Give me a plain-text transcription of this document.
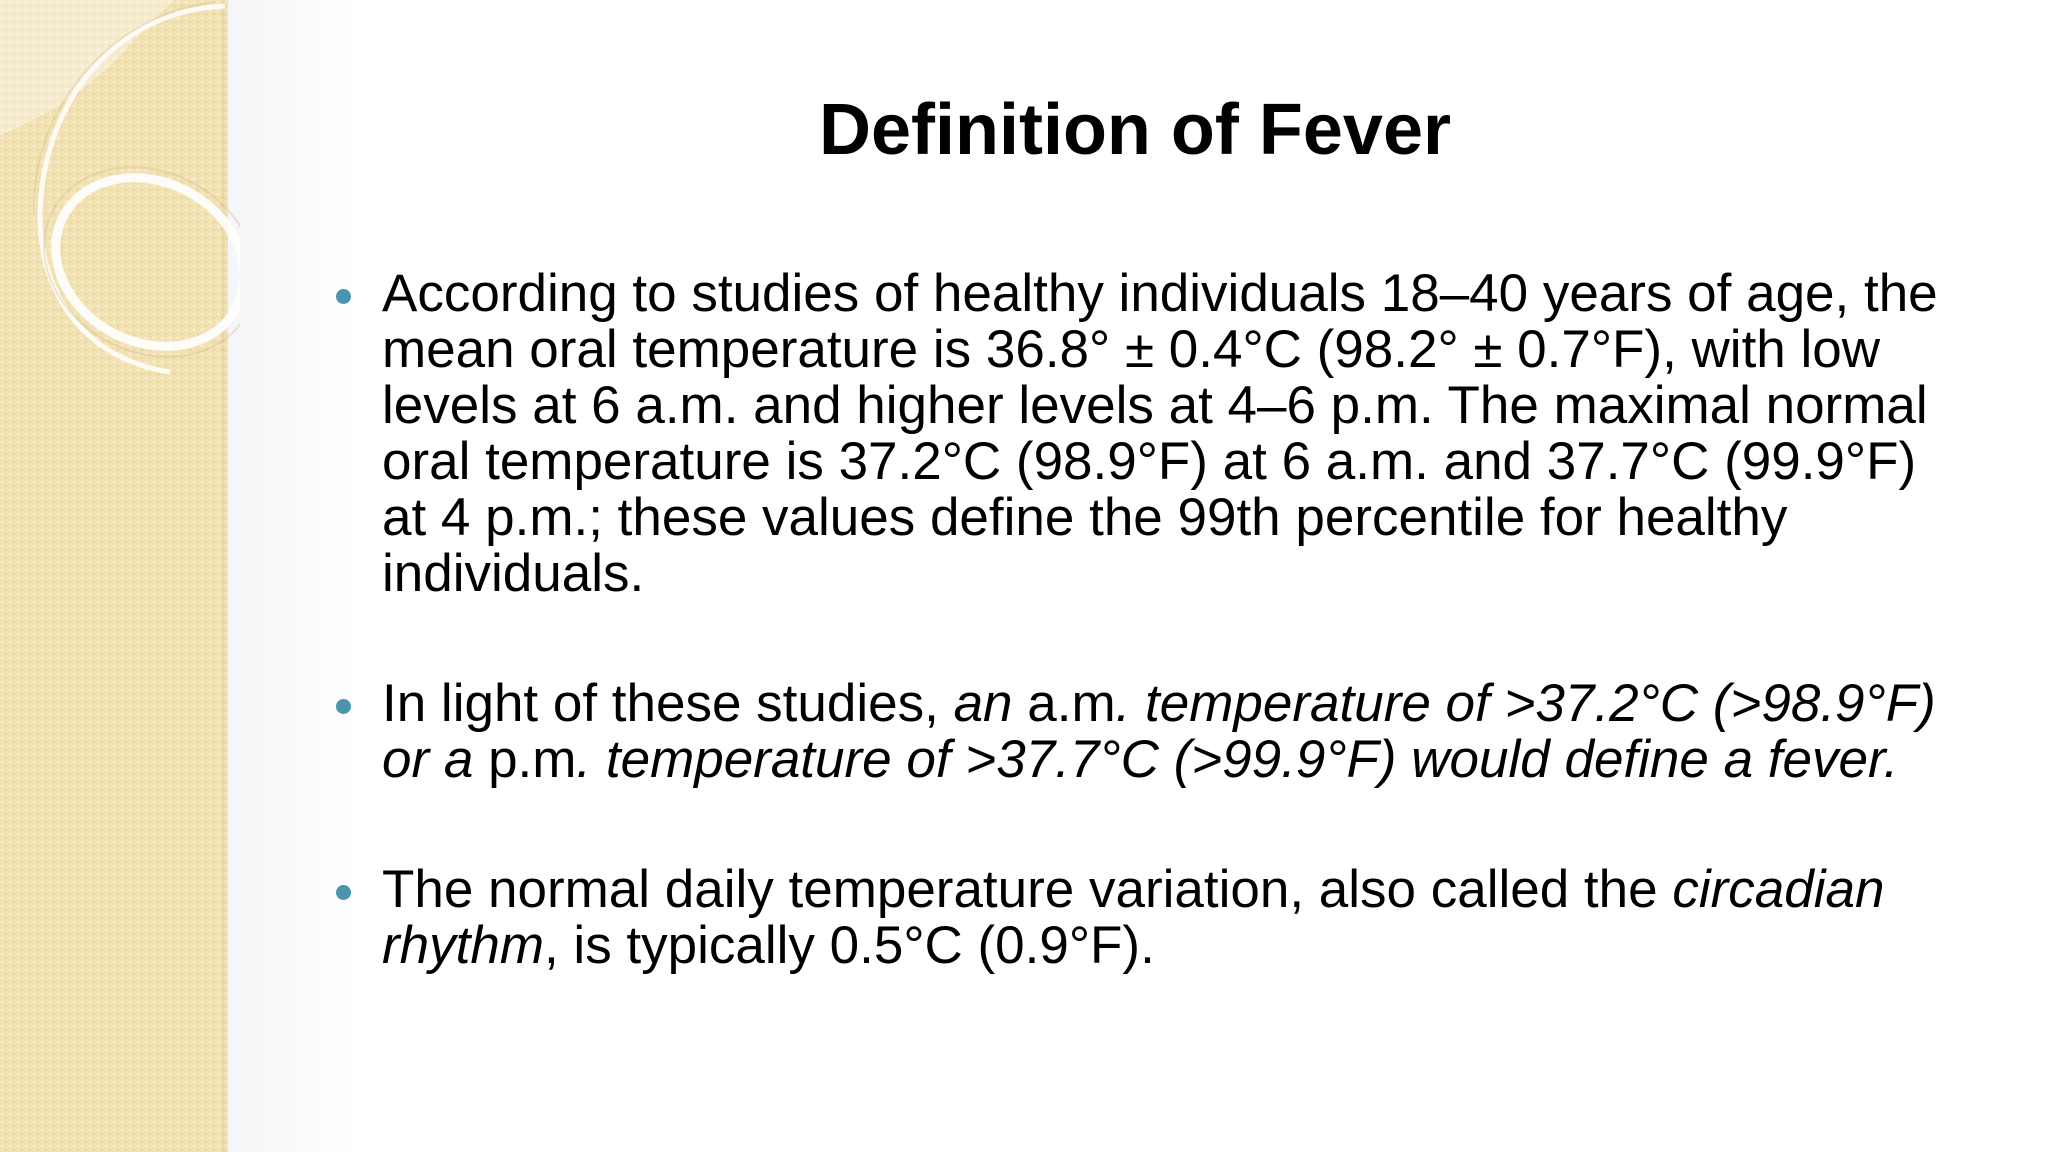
Definition of Fever
According to studies of healthy individuals 18–40 years of age, the mean oral temperature is 36.8° ± 0.4°C (98.2° ± 0.7°F), with low levels at 6 a.m. and higher levels at 4–6 p.m. The maximal normal oral temperature is 37.2°C (98.9°F) at 6 a.m. and 37.7°C (99.9°F) at 4 p.m.; these values define the 99th percentile for healthy individuals.
In light of these studies, an a.m. temperature of >37.2°C (>98.9°F) or a p.m. temperature of >37.7°C (>99.9°F) would define a fever.
The normal daily temperature variation, also called the circadian rhythm, is typically 0.5°C (0.9°F).
